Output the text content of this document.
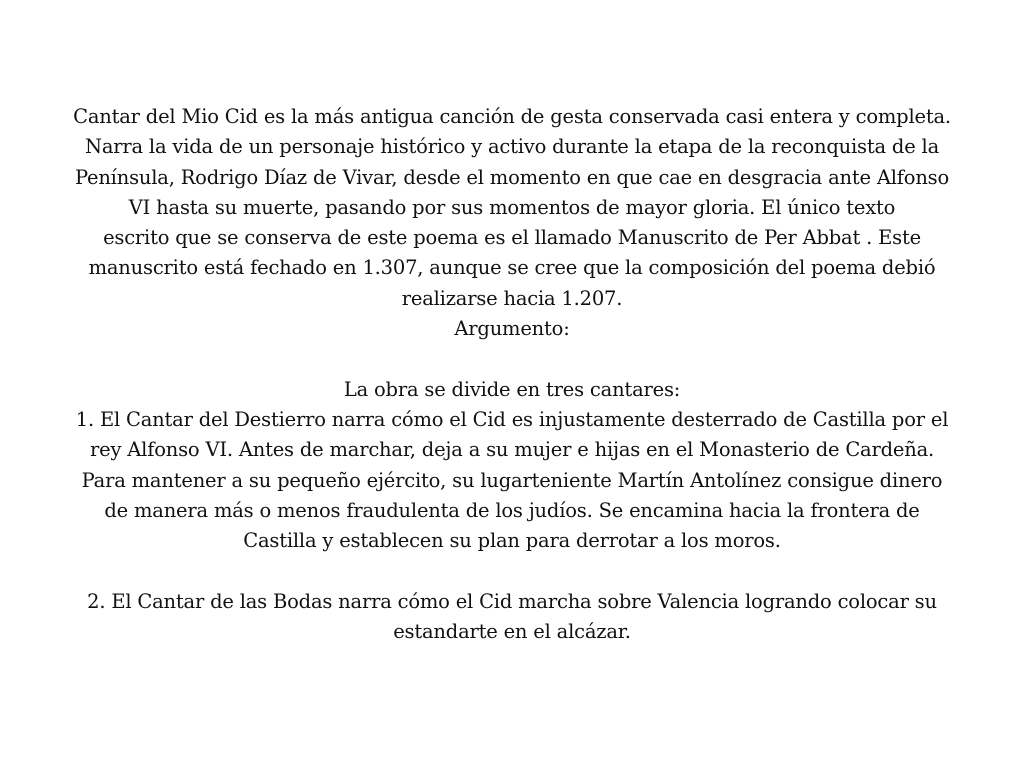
Cantar del Mio Cid es la más antigua canción de gesta conservada casi entera y completa.
Narra la vida de un personaje histórico y activo durante la etapa de la reconquista de la
Península, Rodrigo Díaz de Vivar, desde el momento en que cae en desgracia ante Alfonso
VI hasta su muerte, pasando por sus momentos de mayor gloria. El único texto
escrito que se conserva de este poema es el llamado Manuscrito de Per Abbat . Este
manuscrito está fechado en 1.307, aunque se cree que la composición del poema debió
realizarse hacia 1.207.
Argumento:
La obra se divide en tres cantares:
1. El Cantar del Destierro narra cómo el Cid es injustamente desterrado de Castilla por el
rey Alfonso VI. Antes de marchar, deja a su mujer e hijas en el Monasterio de Cardeña.
Para mantener a su pequeño ejército, su lugarteniente Martín Antolínez consigue dinero
de manera más o menos fraudulenta de los judíos. Se encamina hacia la frontera de
Castilla y establecen su plan para derrotar a los moros.
2. El Cantar de las Bodas narra cómo el Cid marcha sobre Valencia logrando colocar su
estandarte en el alcázar.
